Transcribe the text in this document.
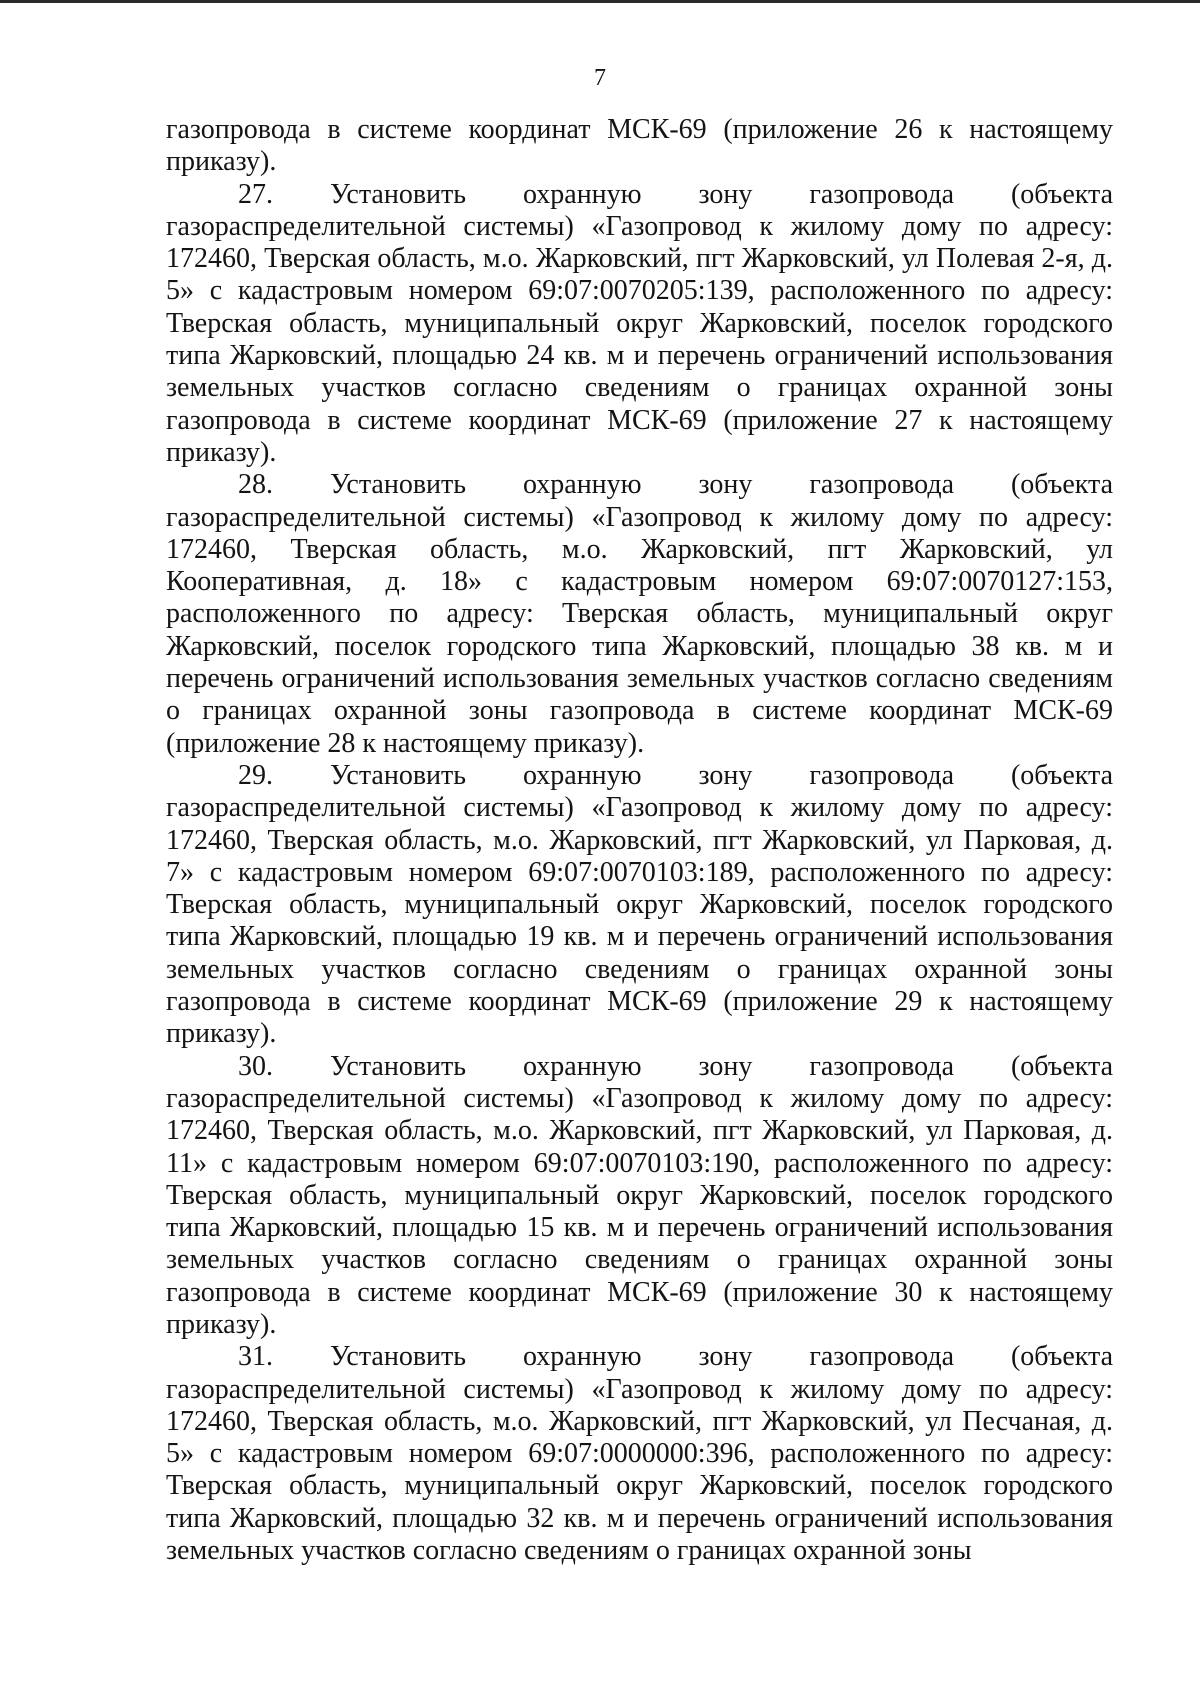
7

газопровода в системе координат МСК-69 (приложение 26 к настоящему приказу).

27. Установить охранную зону газопровода (объекта
газораспределительной системы) «Газопровод к жилому дому по адресу: 172460, Тверская область, м.о. Жарковский, пгт Жарковский, ул Полевая 2-я, д. 5» с кадастровым номером 69:07:0070205:139, расположенного по адресу: Тверская область, муниципальный округ Жарковский, поселок городского типа Жарковский, площадью 24 кв. м и перечень ограничений использования земельных участков согласно сведениям о границах охранной зоны газопровода в системе координат МСК-69 (приложение 27 к настоящему приказу).

28. Установить охранную зону газопровода (объекта
газораспределительной системы) «Газопровод к жилому дому по адресу: 172460, Тверская область, м.о. Жарковский, пгт Жарковский, ул Кооперативная, д. 18» с кадастровым номером 69:07:0070127:153, расположенного по адресу: Тверская область, муниципальный округ Жарковский, поселок городского типа Жарковский, площадью 38 кв. м и перечень ограничений использования земельных участков согласно сведениям о границах охранной зоны газопровода в системе координат МСК-69 (приложение 28 к настоящему приказу).

29. Установить охранную зону газопровода (объекта
газораспределительной системы) «Газопровод к жилому дому по адресу: 172460, Тверская область, м.о. Жарковский, пгт Жарковский, ул Парковая, д. 7» с кадастровым номером 69:07:0070103:189, расположенного по адресу: Тверская область, муниципальный округ Жарковский, поселок городского типа Жарковский, площадью 19 кв. м и перечень ограничений использования земельных участков согласно сведениям о границах охранной зоны газопровода в системе координат МСК-69 (приложение 29 к настоящему приказу).

30. Установить охранную зону газопровода (объекта
газораспределительной системы) «Газопровод к жилому дому по адресу: 172460, Тверская область, м.о. Жарковский, пгт Жарковский, ул Парковая, д. 11» с кадастровым номером 69:07:0070103:190, расположенного по адресу: Тверская область, муниципальный округ Жарковский, поселок городского типа Жарковский, площадью 15 кв. м и перечень ограничений использования земельных участков согласно сведениям о границах охранной зоны газопровода в системе координат МСК-69 (приложение 30 к настоящему приказу).

31. Установить охранную зону газопровода (объекта
газораспределительной системы) «Газопровод к жилому дому по адресу: 172460, Тверская область, м.о. Жарковский, пгт Жарковский, ул Песчаная, д. 5» с кадастровым номером 69:07:0000000:396, расположенного по адресу: Тверская область, муниципальный округ Жарковский, поселок городского типа Жарковский, площадью 32 кв. м и перечень ограничений использования земельных участков согласно сведениям о границах охранной зоны
